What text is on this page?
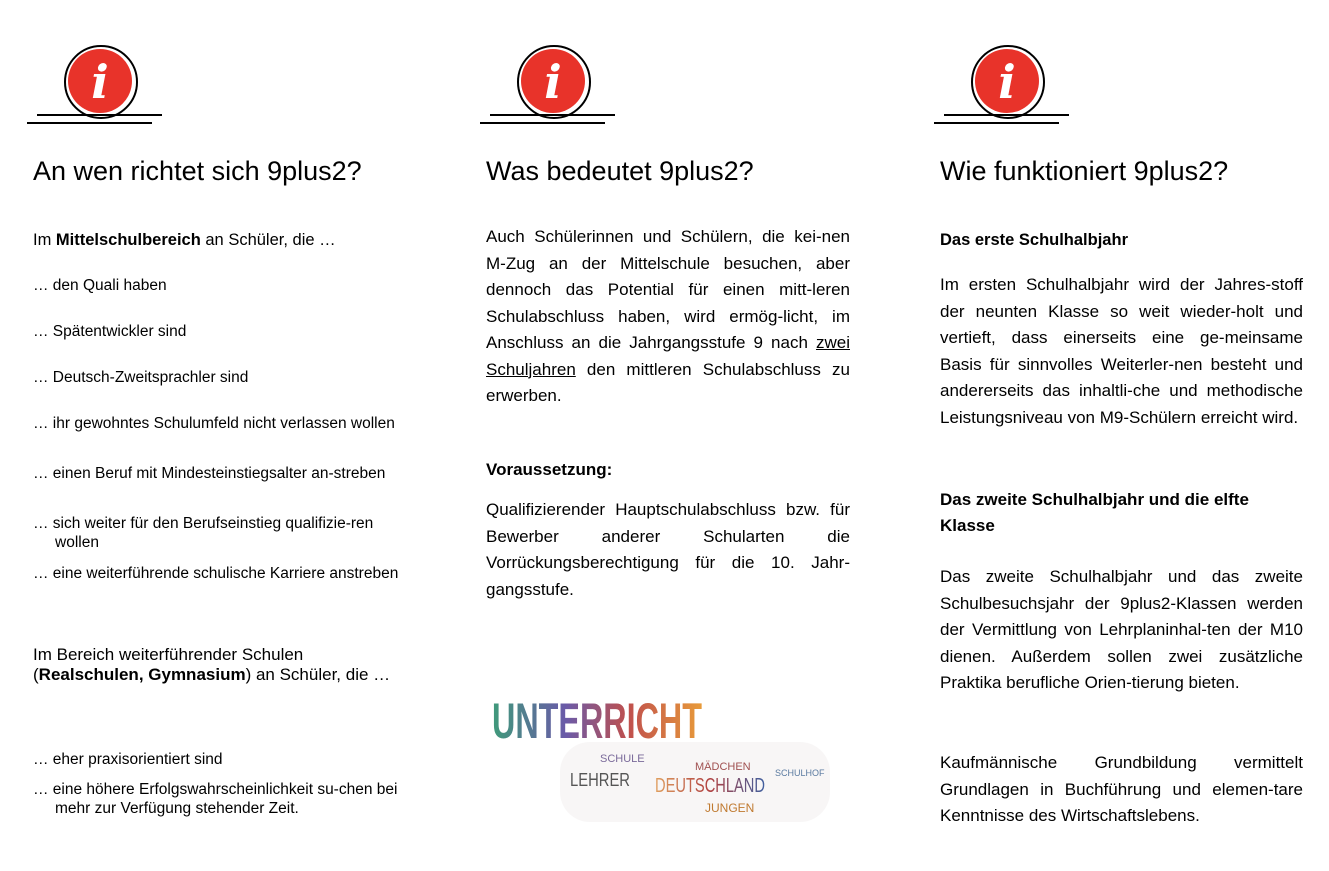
i
An wen richtet sich 9plus2?

Im Mittelschulbereich an Schüler, die …

… den Quali haben
… Spätentwickler sind
… Deutsch-Zweitsprachler sind
… ihr gewohntes Schulumfeld nicht verlassen wollen
… einen Beruf mit Mindesteinstiegsalter an-streben
… sich weiter für den Berufseinstieg qualifizie-ren wollen
… eine weiterführende schulische Karriere anstreben

Im Bereich weiterführender Schulen (Realschulen, Gymnasium) an Schüler, die …

… eher praxisorientiert sind
… eine höhere Erfolgswahrscheinlichkeit su-chen bei mehr zur Verfügung stehender Zeit.
i
Was bedeutet 9plus2?

Auch Schülerinnen und Schülern, die kei-nen M-Zug an der Mittelschule besuchen, aber dennoch das Potential für einen mitt-leren Schulabschluss haben, wird ermög-licht, im Anschluss an die Jahrgangsstufe 9 nach zwei Schuljahren den mittleren Schulabschluss zu erwerben.

Voraussetzung:

Qualifizierender Hauptschulabschluss bzw. für Bewerber anderer Schularten die Vorrückungsberechtigung für die 10. Jahr-gangsstufe.

UNTERRICHT
LEHRER DEUTSCHLAND
SCHULE
MÄDCHEN
JUNGEN
SCHULHOF
i
Wie funktioniert 9plus2?

Das erste Schulhalbjahr

Im ersten Schulhalbjahr wird der Jahres-stoff der neunten Klasse so weit wieder-holt und vertieft, dass einerseits eine ge-meinsame Basis für sinnvolles Weiterler-nen besteht und andererseits das inhaltli-che und methodische Leistungsniveau von M9-Schülern erreicht wird.

Das zweite Schulhalbjahr und die elfte Klasse

Das zweite Schulhalbjahr und das zweite Schulbesuchsjahr der 9plus2-Klassen werden der Vermittlung von Lehrplaninhal-ten der M10 dienen. Außerdem sollen zwei zusätzliche Praktika berufliche Orien-tierung bieten.

Kaufmännische Grundbildung vermittelt Grundlagen in Buchführung und elemen-tare Kenntnisse des Wirtschaftslebens.
